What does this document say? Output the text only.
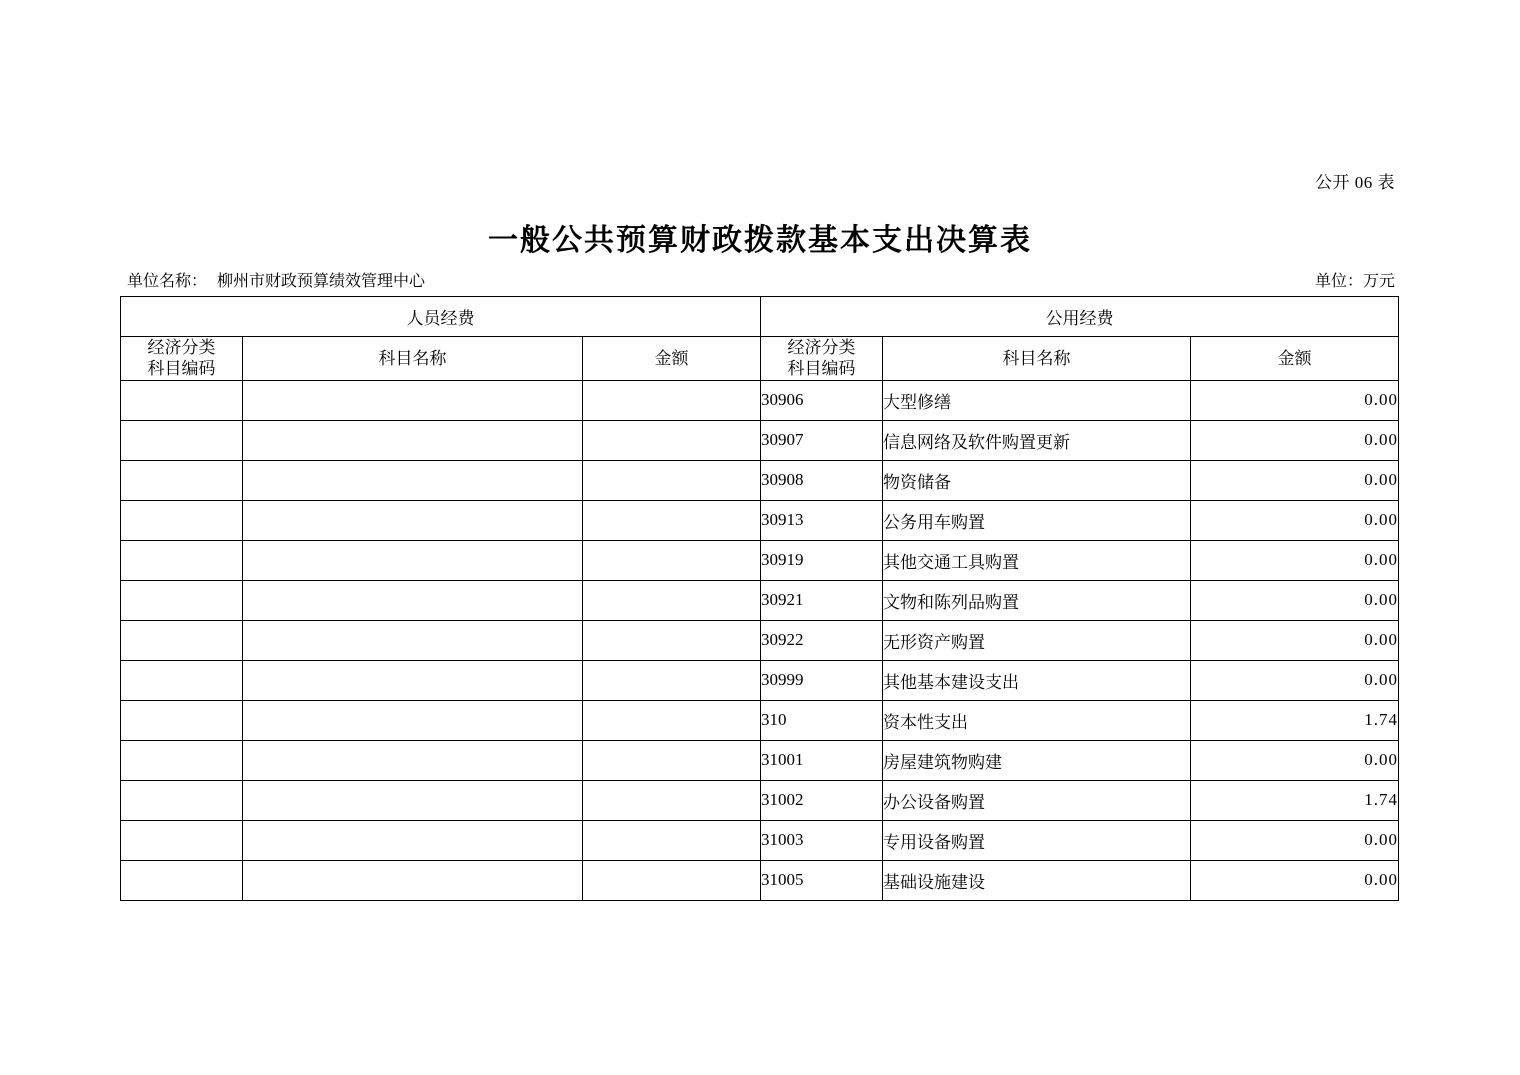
公开 06 表
一般公共预算财政拨款基本支出决算表
单位名称： 柳州市财政预算绩效管理中心	单位：万元
人员经费			公用经费		

经济分类
科目编码
	科目名称	金额	
经济分类
科目编码
	科目名称	金额
			30906	大型修缮	0.00
			30907	信息网络及软件购置更新	0.00
			30908	物资储备	0.00
			30913	公务用车购置	0.00
			30919	其他交通工具购置	0.00
			30921	文物和陈列品购置	0.00
			30922	无形资产购置	0.00
			30999	其他基本建设支出	0.00
			310	资本性支出	1.74
			31001	房屋建筑物购建	0.00
			31002	办公设备购置	1.74
			31003	专用设备购置	0.00
			31005	基础设施建设	0.00
